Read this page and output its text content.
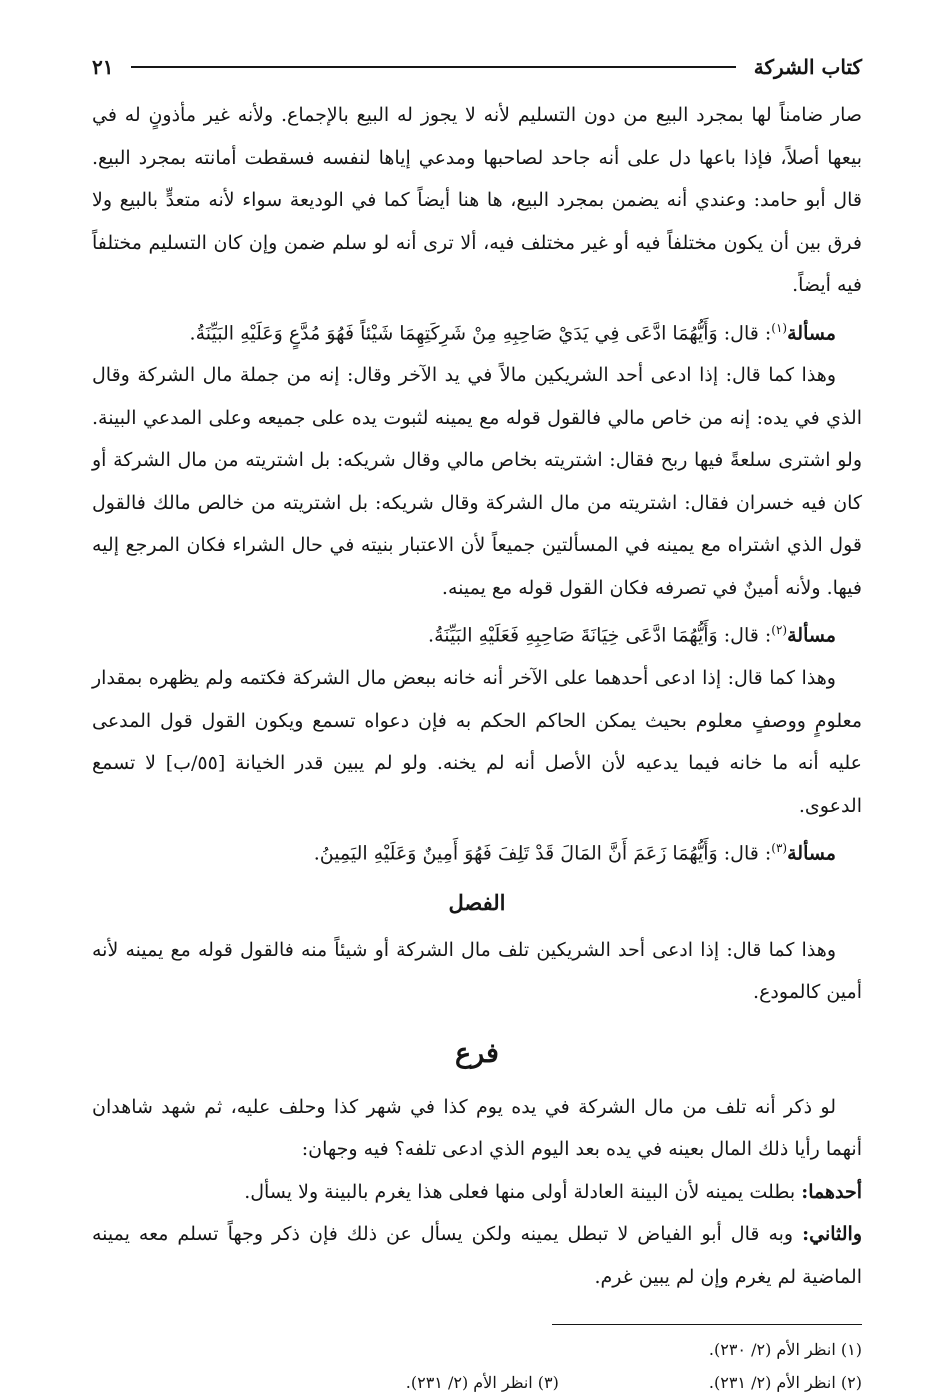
كتاب الشركة
٢١

صار ضامناً لها بمجرد البيع من دون التسليم لأنه لا يجوز له البيع بالإجماع. ولأنه غير مأذونٍ له في بيعها أصلاً، فإذا باعها دل على أنه جاحد لصاحبها ومدعي إياها لنفسه فسقطت أمانته بمجرد البيع. قال أبو حامد: وعندي أنه يضمن بمجرد البيع، ها هنا أيضاً كما في الوديعة سواء لأنه متعدٍّ بالبيع ولا فرق بين أن يكون مختلفاً فيه أو غير مختلف فيه، ألا ترى أنه لو سلم ضمن وإن كان التسليم مختلفاً فيه أيضاً.

مسألة$^{(١)}$: قال: وَأَيُّهُمَا ادَّعَى فِي يَدَيْ صَاحِبِهِ مِنْ شَرِكَتِهِمَا شَيْئاً فَهُوَ مُدَّعٍ وَعَلَيْهِ البَيِّنَةُ.

وهذا كما قال: إذا ادعى أحد الشريكين مالاً في يد الآخر وقال: إنه من جملة مال الشركة وقال الذي في يده: إنه من خاص مالي فالقول قوله مع يمينه لثبوت يده على جميعه وعلى المدعي البينة. ولو اشترى سلعةً فيها ربح فقال: اشتريته بخاص مالي وقال شريكه: بل اشتريته من مال الشركة أو كان فيه خسران فقال: اشتريته من مال الشركة وقال شريكه: بل اشتريته من خالص مالك فالقول قول الذي اشتراه مع يمينه في المسألتين جميعاً لأن الاعتبار بنيته في حال الشراء فكان المرجع إليه فيها. ولأنه أمينٌ في تصرفه فكان القول قوله مع يمينه.

مسألة$^{(٢)}$: قال: وَأَيُّهُمَا ادَّعَى خِيَانَةَ صَاحِبِهِ فَعَلَيْهِ البَيِّنَةُ.

وهذا كما قال: إذا ادعى أحدهما على الآخر أنه خانه ببعض مال الشركة فكتمه ولم يظهره بمقدار معلومٍ ووصفٍ معلوم بحيث يمكن الحاكم الحكم به فإن دعواه تسمع ويكون القول قول المدعى عليه أنه ما خانه فيما يدعيه لأن الأصل أنه لم يخنه. ولو لم يبين قدر الخيانة [٥٥/ب] لا تسمع الدعوى.

مسألة$^{(٣)}$: قال: وَأَيُّهُمَا زَعَمَ أَنَّ المَالَ قَدْ تَلِفَ فَهُوَ أَمِينٌ وَعَلَيْهِ اليَمِينُ.

الفصل

وهذا كما قال: إذا ادعى أحد الشريكين تلف مال الشركة أو شيئاً منه فالقول قوله مع يمينه لأنه أمين كالمودع.

فرع

لو ذكر أنه تلف من مال الشركة في يده يوم كذا في شهر كذا وحلف عليه، ثم شهد شاهدان أنهما رأيا ذلك المال بعينه في يده بعد اليوم الذي ادعى تلفه؟ فيه وجهان:

أحدهما: بطلت يمينه لأن البينة العادلة أولى منها فعلى هذا يغرم بالبينة ولا يسأل.

والثاني: وبه قال أبو الفياض لا تبطل يمينه ولكن يسأل عن ذلك فإن ذكر وجهاً تسلم معه يمينه الماضية لم يغرم وإن لم يبين غرم.

(١) انظر الأم (٢/ ٢٣٠).
(٢) انظر الأم (٢/ ٢٣١).
(٣) انظر الأم (٢/ ٢٣١).
